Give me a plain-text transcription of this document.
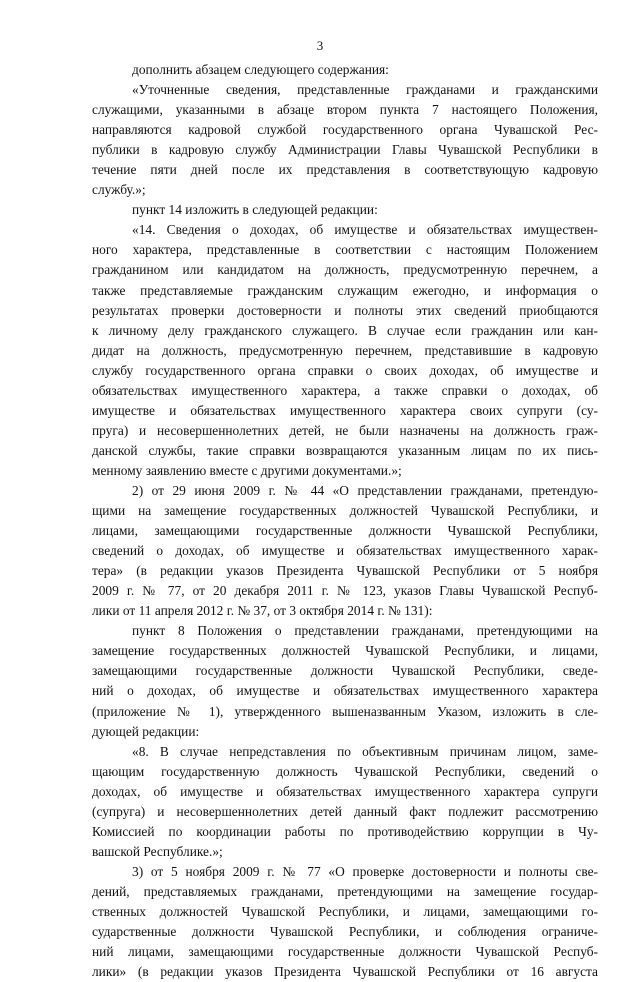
3
дополнить абзацем следующего содержания:
«Уточненные сведения, представленные гражданами и гражданскими
служащими, указанными в абзаце втором пункта 7 настоящего Положения,
направляются кадровой службой государственного органа Чувашской Рес-
публики в кадровую службу Администрации Главы Чувашской Республики в
течение пяти дней после их представления в соответствующую кадровую
службу.»;
пункт 14 изложить в следующей редакции:
«14. Сведения о доходах, об имуществе и обязательствах имуществен-
ного характера, представленные в соответствии с настоящим Положением
гражданином или кандидатом на должность, предусмотренную перечнем, а
также представляемые гражданским служащим ежегодно, и информация о
результатах проверки достоверности и полноты этих сведений приобщаются
к личному делу гражданского служащего. В случае если гражданин или кан-
дидат на должность, предусмотренную перечнем, представившие в кадровую
службу государственного органа справки о своих доходах, об имуществе и
обязательствах имущественного характера, а также справки о доходах, об
имуществе и обязательствах имущественного характера своих супруги (су-
пруга) и несовершеннолетних детей, не были назначены на должность граж-
данской службы, такие справки возвращаются указанным лицам по их пись-
менному заявлению вместе с другими документами.»;
2) от 29 июня 2009 г. № 44 «О представлении гражданами, претендую-
щими на замещение государственных должностей Чувашской Республики, и
лицами, замещающими государственные должности Чувашской Республики,
сведений о доходах, об имуществе и обязательствах имущественного харак-
тера» (в редакции указов Президента Чувашской Республики от 5 ноября
2009 г. № 77, от 20 декабря 2011 г. № 123, указов Главы Чувашской Респуб-
лики от 11 апреля 2012 г. № 37, от 3 октября 2014 г. № 131):
пункт 8 Положения о представлении гражданами, претендующими на
замещение государственных должностей Чувашской Республики, и лицами,
замещающими государственные должности Чувашской Республики, сведе-
ний о доходах, об имуществе и обязательствах имущественного характера
(приложение № 1), утвержденного вышеназванным Указом, изложить в сле-
дующей редакции:
«8. В случае непредставления по объективным причинам лицом, заме-
щающим государственную должность Чувашской Республики, сведений о
доходах, об имуществе и обязательствах имущественного характера супруги
(супруга) и несовершеннолетних детей данный факт подлежит рассмотрению
Комиссией по координации работы по противодействию коррупции в Чу-
вашской Республике.»;
3) от 5 ноября 2009 г. № 77 «О проверке достоверности и полноты све-
дений, представляемых гражданами, претендующими на замещение государ-
ственных должностей Чувашской Республики, и лицами, замещающими го-
сударственные должности Чувашской Республики, и соблюдения ограниче-
ний лицами, замещающими государственные должности Чувашской Респуб-
лики» (в редакции указов Президента Чувашской Республики от 16 августа
